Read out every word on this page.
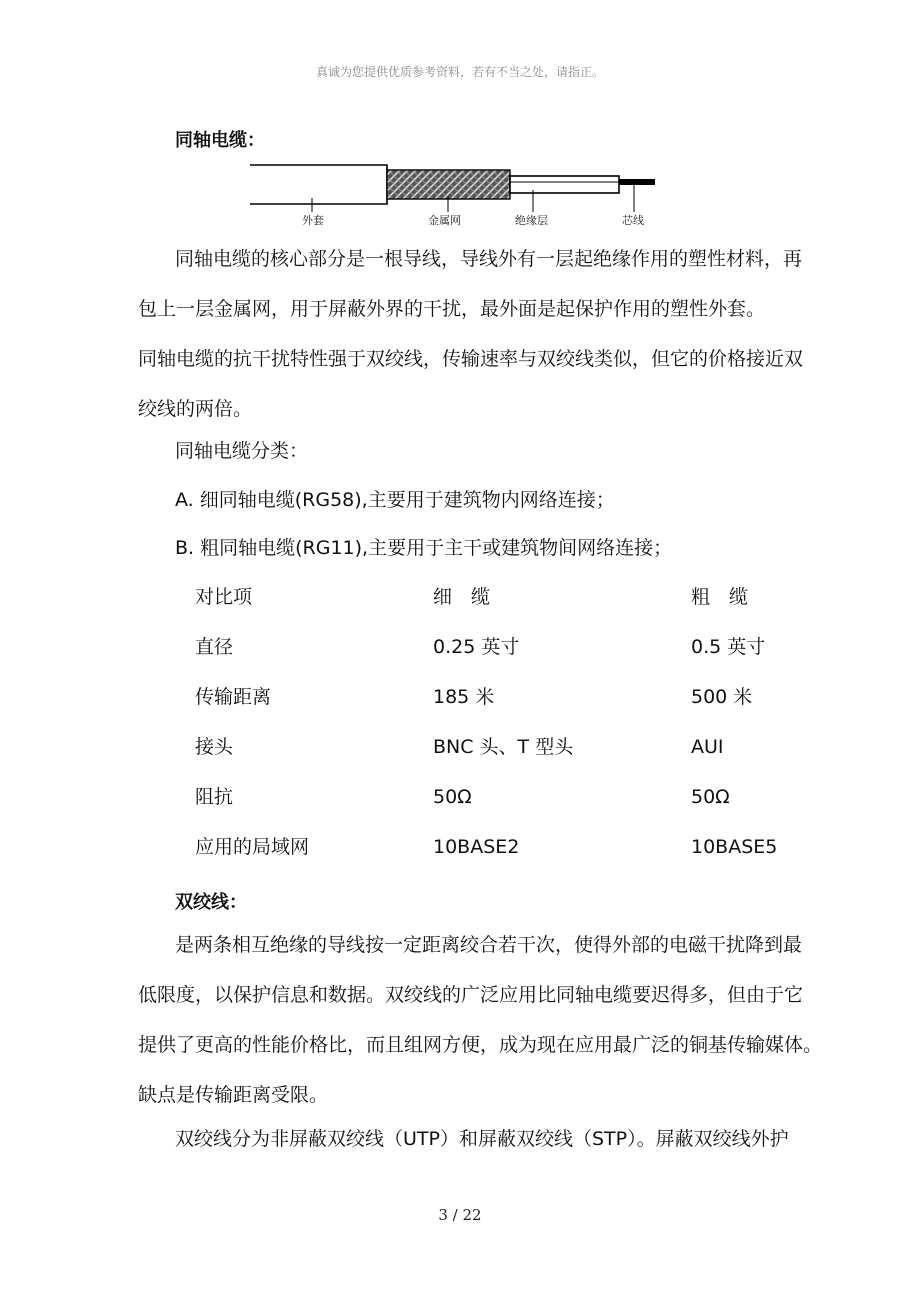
真诚为您提供优质参考资料，若有不当之处，请指正。
同轴电缆：
外套	金属网	绝缘层	芯线
同轴电缆的核心部分是一根导线，导线外有一层起绝缘作用的塑性材料，再
包上一层金属网，用于屏蔽外界的干扰，最外面是起保护作用的塑性外套。
同轴电缆的抗干扰特性强于双绞线，传输速率与双绞线类似，但它的价格接近双
绞线的两倍。
同轴电缆分类：
A. 细同轴电缆(RG58),主要用于建筑物内网络连接；
B. 粗同轴电缆(RG11),主要用于主干或建筑物间网络连接；
对比项	细　缆	粗　缆
直径	0.25 英寸	0.5 英寸
传输距离	185 米	500 米
接头	BNC 头、T 型头	AUI
阻抗	50Ω	50Ω
应用的局域网	10BASE2	10BASE5
双绞线：
是两条相互绝缘的导线按一定距离绞合若干次，使得外部的电磁干扰降到最
低限度，以保护信息和数据。双绞线的广泛应用比同轴电缆要迟得多，但由于它
提供了更高的性能价格比，而且组网方便，成为现在应用最广泛的铜基传输媒体。
缺点是传输距离受限。
双绞线分为非屏蔽双绞线（UTP）和屏蔽双绞线（STP）。屏蔽双绞线外护
3 / 22
